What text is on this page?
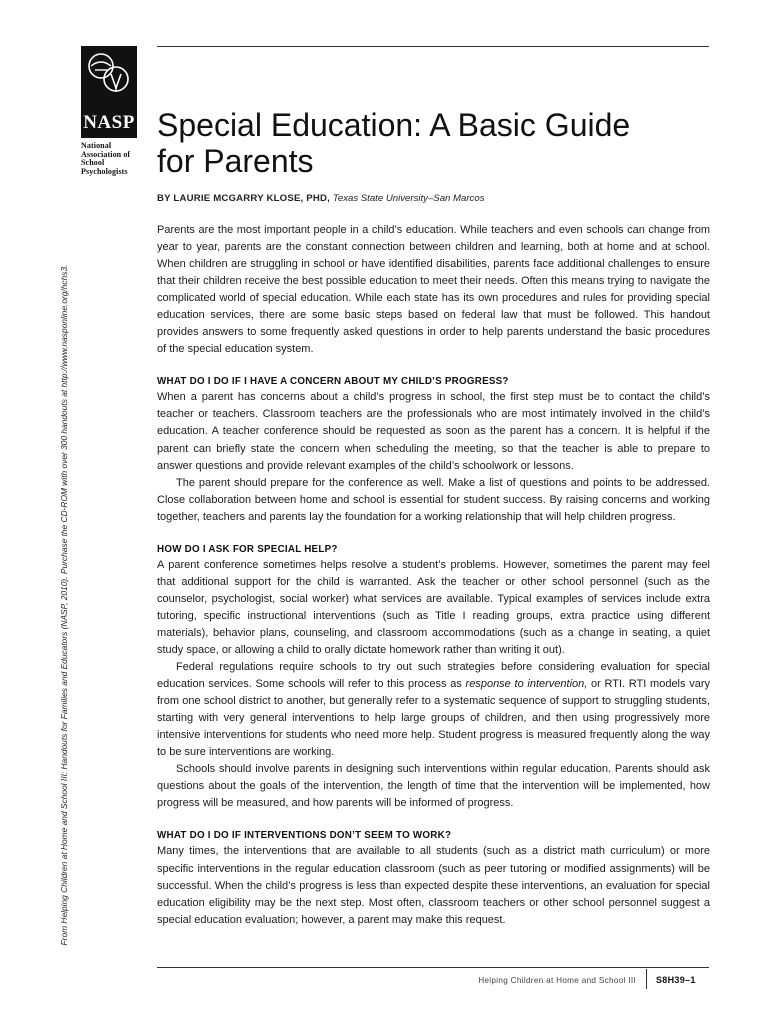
NASP
National
Association of
School
Psychologists
From Helping Children at Home and School III: Handouts for Families and Educators (NASP, 2010). Purchase the CD-ROM with over 300 handouts at http://www.nasponline.org/hchs3.
Special Education: A Basic Guide
for Parents
BY LAURIE MCGARRY KLOSE, PHD, Texas State University–San Marcos

Parents are the most important people in a child’s education. While teachers and even schools can change from year to year, parents are the constant connection between children and learning, both at home and at school. When children are struggling in school or have identified disabilities, parents face additional challenges to ensure that their children receive the best possible education to meet their needs. Often this means trying to navigate the complicated world of special education. While each state has its own procedures and rules for providing special education services, there are some basic steps based on federal law that must be followed. This handout provides answers to some frequently asked questions in order to help parents understand the basic procedures of the special education system.

WHAT DO I DO IF I HAVE A CONCERN ABOUT MY CHILD’S PROGRESS?

When a parent has concerns about a child’s progress in school, the first step must be to contact the child’s teacher or teachers. Classroom teachers are the professionals who are most intimately involved in the child’s education. A teacher conference should be requested as soon as the parent has a concern. It is helpful if the parent can briefly state the concern when scheduling the meeting, so that the teacher is able to prepare to answer questions and provide relevant examples of the child’s schoolwork or lessons.

The parent should prepare for the conference as well. Make a list of questions and points to be addressed. Close collaboration between home and school is essential for student success. By raising concerns and working together, teachers and parents lay the foundation for a working relationship that will help children progress.

HOW DO I ASK FOR SPECIAL HELP?

A parent conference sometimes helps resolve a student’s problems. However, sometimes the parent may feel that additional support for the child is warranted. Ask the teacher or other school personnel (such as the counselor, psychologist, social worker) what services are available. Typical examples of services include extra tutoring, specific instructional interventions (such as Title I reading groups, extra practice using different materials), behavior plans, counseling, and classroom accommodations (such as a change in seating, a quiet study space, or allowing a child to orally dictate homework rather than writing it out).

Federal regulations require schools to try out such strategies before considering evaluation for special education services. Some schools will refer to this process as response to intervention, or RTI. RTI models vary from one school district to another, but generally refer to a systematic sequence of support to struggling students, starting with very general interventions to help large groups of children, and then using progressively more intensive interventions for students who need more help. Student progress is measured frequently along the way to be sure interventions are working.

Schools should involve parents in designing such interventions within regular education. Parents should ask questions about the goals of the intervention, the length of time that the intervention will be implemented, how progress will be measured, and how parents will be informed of progress.

WHAT DO I DO IF INTERVENTIONS DON’T SEEM TO WORK?

Many times, the interventions that are available to all students (such as a district math curriculum) or more specific interventions in the regular education classroom (such as peer tutoring or modified assignments) will be successful. When the child’s progress is less than expected despite these interventions, an evaluation for special education eligibility may be the next step. Most often, classroom teachers or other school personnel suggest a special education evaluation; however, a parent may make this request.

Helping Children at Home and School III S8H39–1
